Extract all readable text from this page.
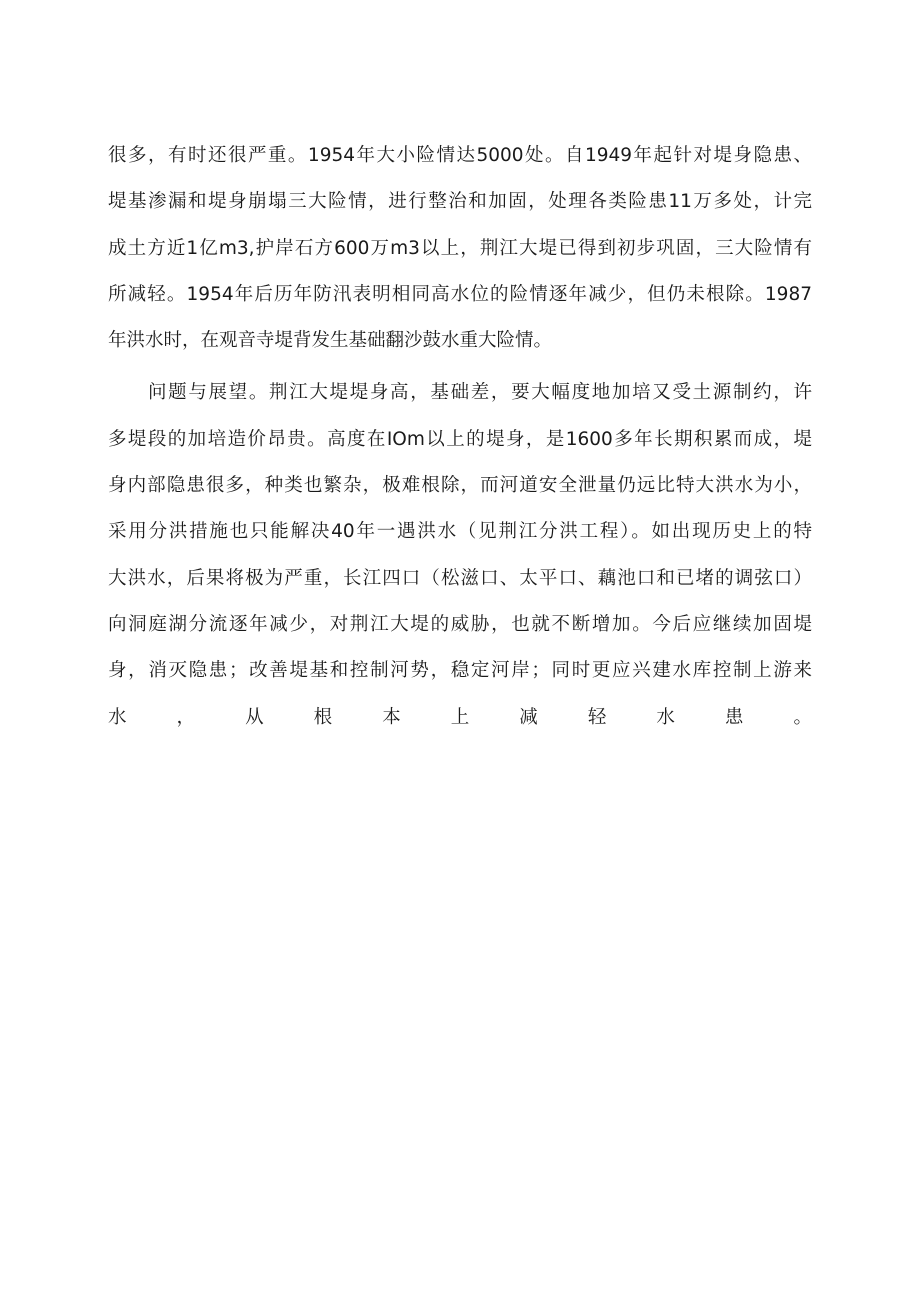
很多，有时还很严重。1954年大小险情达5000处。自1949年起针对堤身隐患、
堤基渗漏和堤身崩塌三大险情，进行整治和加固，处理各类险患11万多处，计完
成土方近1亿m3,护岸石方600万m3以上，荆江大堤已得到初步巩固，三大险情有
所减轻。1954年后历年防汛表明相同高水位的险情逐年减少，但仍未根除。1987
年洪水时，在观音寺堤背发生基础翻沙鼓水重大险情。
问题与展望。荆江大堤堤身高，基础差，要大幅度地加培又受土源制约，许
多堤段的加培造价昂贵。高度在IOm以上的堤身，是1600多年长期积累而成，堤
身内部隐患很多，种类也繁杂，极难根除，而河道安全泄量仍远比特大洪水为小，
采用分洪措施也只能解决40年一遇洪水（见荆江分洪工程）。如出现历史上的特
大洪水，后果将极为严重，长江四口（松滋口、太平口、藕池口和已堵的调弦口）
向洞庭湖分流逐年减少，对荆江大堤的威胁，也就不断增加。今后应继续加固堤
身，消灭隐患；改善堤基和控制河势，稳定河岸；同时更应兴建水库控制上游来
水，从根本上减轻水患。
